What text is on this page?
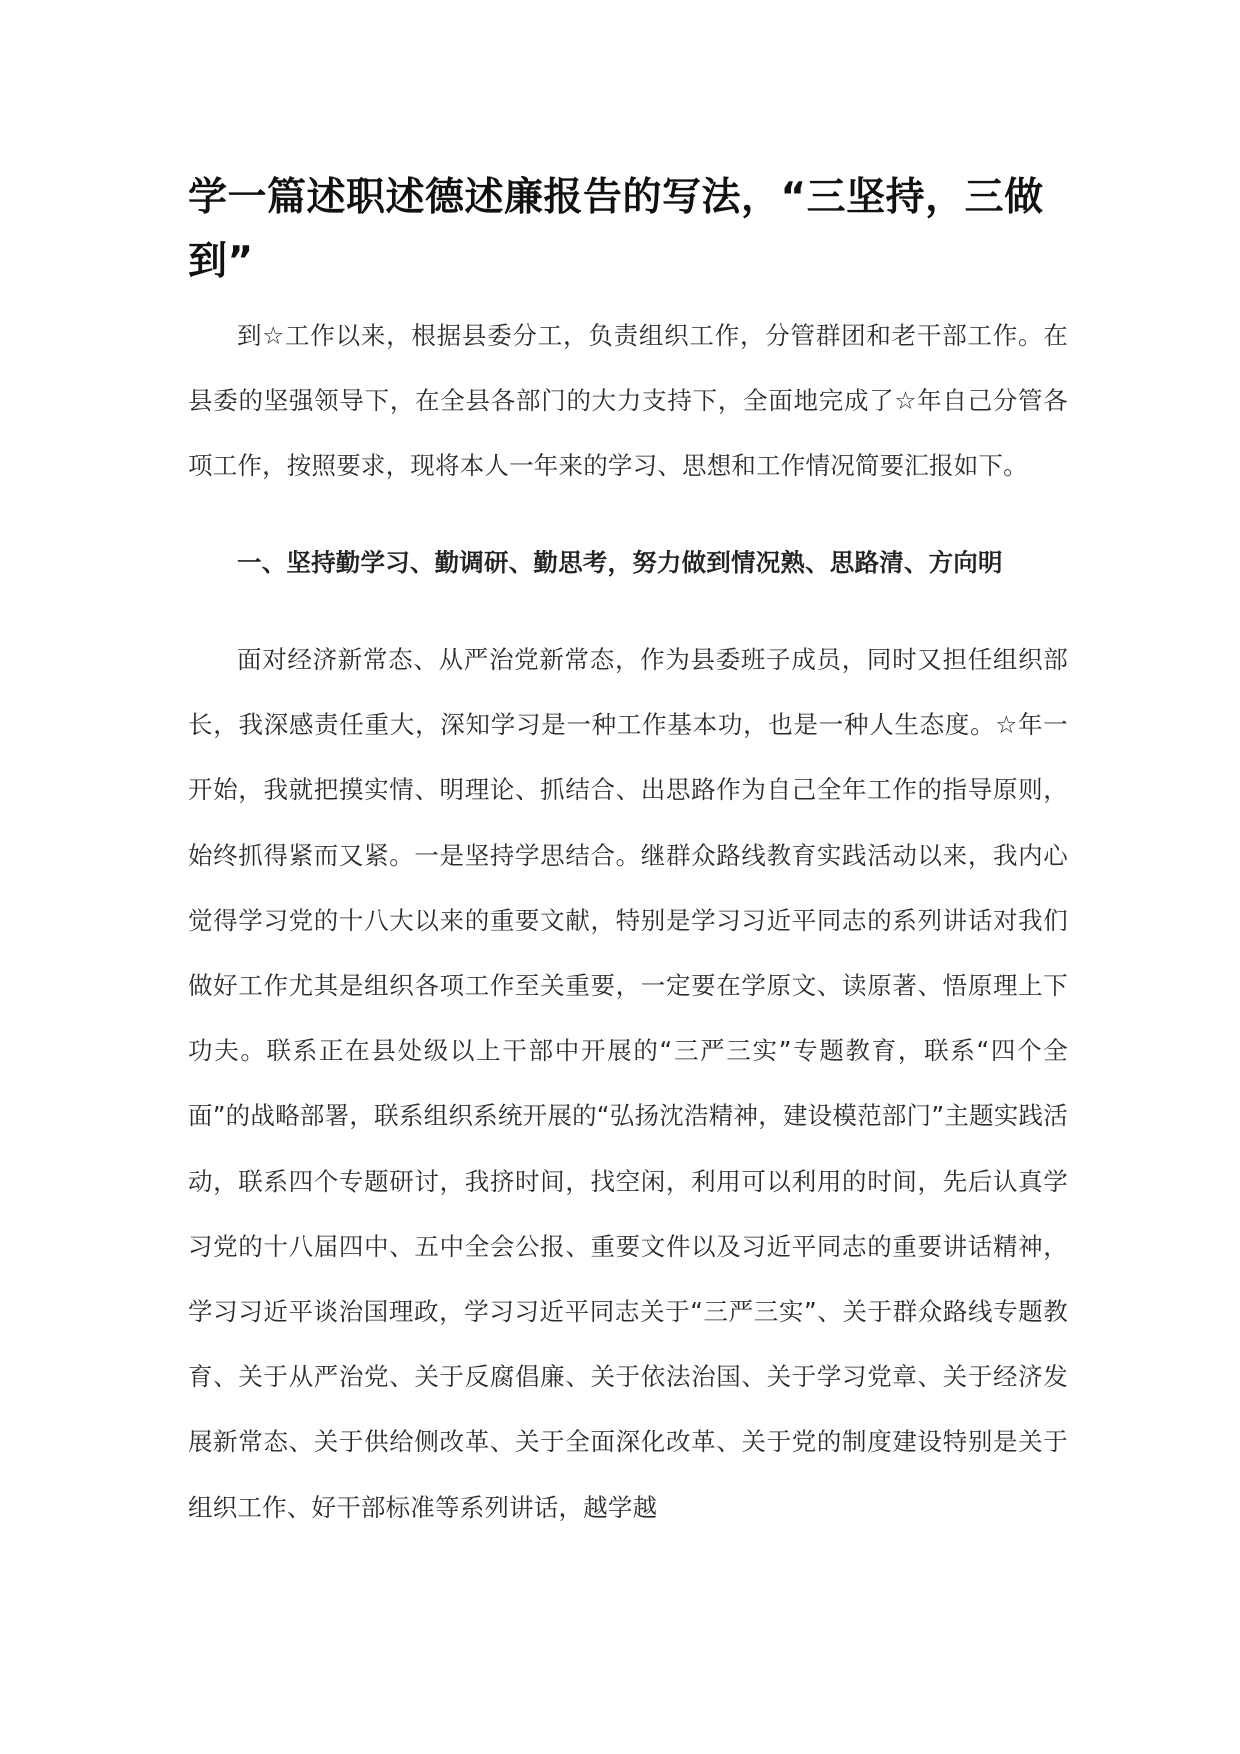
学一篇述职述德述廉报告的写法，“三坚持，三做到”

到☆工作以来，根据县委分工，负责组织工作，分管群团和老干部工作。在县委的坚强领导下，在全县各部门的大力支持下，全面地完成了☆年自己分管各项工作，按照要求，现将本人一年来的学习、思想和工作情况简要汇报如下。

一、坚持勤学习、勤调研、勤思考，努力做到情况熟、思路清、方向明

面对经济新常态、从严治党新常态，作为县委班子成员，同时又担任组织部长，我深感责任重大，深知学习是一种工作基本功，也是一种人生态度。☆年一开始，我就把摸实情、明理论、抓结合、出思路作为自己全年工作的指导原则，始终抓得紧而又紧。一是坚持学思结合。继群众路线教育实践活动以来，我内心觉得学习党的十八大以来的重要文献，特别是学习习近平同志的系列讲话对我们做好工作尤其是组织各项工作至关重要，一定要在学原文、读原著、悟原理上下功夫。联系正在县处级以上干部中开展的“三严三实”专题教育，联系“四个全面”的战略部署，联系组织系统开展的“弘扬沈浩精神，建设模范部门”主题实践活动，联系四个专题研讨，我挤时间，找空闲，利用可以利用的时间，先后认真学习党的十八届四中、五中全会公报、重要文件以及习近平同志的重要讲话精神，学习习近平谈治国理政，学习习近平同志关于“三严三实”、关于群众路线专题教育、关于从严治党、关于反腐倡廉、关于依法治国、关于学习党章、关于经济发展新常态、关于供给侧改革、关于全面深化改革、关于党的制度建设特别是关于组织工作、好干部标准等系列讲话，越学越
